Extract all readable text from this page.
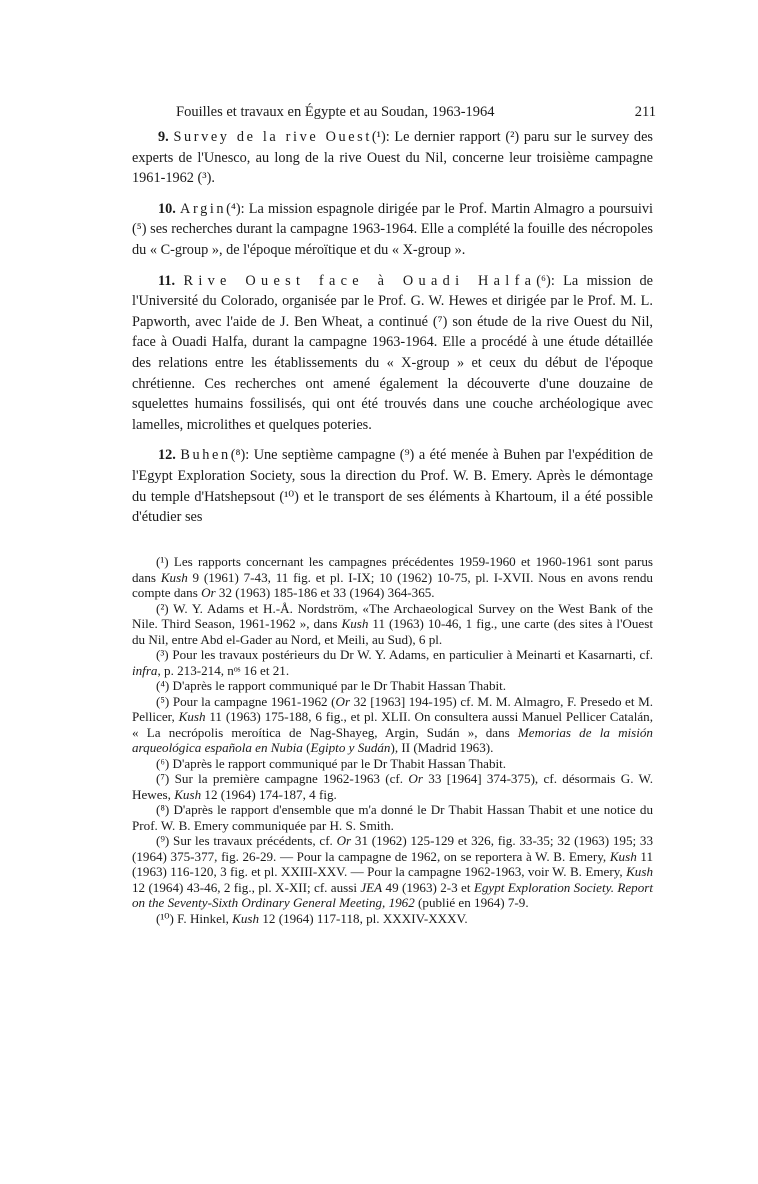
Fouilles et travaux en Égypte et au Soudan, 1963-1964	211

9. Survey de la rive Ouest(¹): Le dernier rapport (²) paru sur le survey des experts de l'Unesco, au long de la rive Ouest du Nil, concerne leur troisième campagne 1961-1962 (³).

10. Argin(⁴): La mission espagnole dirigée par le Prof. Martin Almagro a poursuivi (⁵) ses recherches durant la campagne 1963-1964. Elle a complété la fouille des nécropoles du « C-group », de l'époque méroïtique et du « X-group ».

11. Rive Ouest face à Ouadi Halfa(⁶): La mission de l'Université du Colorado, organisée par le Prof. G. W. Hewes et dirigée par le Prof. M. L. Papworth, avec l'aide de J. Ben Wheat, a continué (⁷) son étude de la rive Ouest du Nil, face à Ouadi Halfa, durant la campagne 1963-1964. Elle a procédé à une étude détaillée des relations entre les établissements du « X-group » et ceux du début de l'époque chrétienne. Ces recherches ont amené également la découverte d'une douzaine de squelettes humains fossilisés, qui ont été trouvés dans une couche archéologique avec lamelles, microlithes et quelques poteries.

12. Buhen(⁸): Une septième campagne (⁹) a été menée à Buhen par l'expédition de l'Egypt Exploration Society, sous la direction du Prof. W. B. Emery. Après le démontage du temple d'Hatshepsout (¹⁰) et le transport de ses éléments à Khartoum, il a été possible d'étudier ses

(¹) Les rapports concernant les campagnes précédentes 1959-1960 et 1960-1961 sont parus dans Kush 9 (1961) 7-43, 11 fig. et pl. I-IX; 10 (1962) 10-75, pl. I-XVII. Nous en avons rendu compte dans Or 32 (1963) 185-186 et 33 (1964) 364-365.

(²) W. Y. Adams et H.-Å. Nordström, «The Archaeological Survey on the West Bank of the Nile. Third Season, 1961-1962 », dans Kush 11 (1963) 10-46, 1 fig., une carte (des sites à l'Ouest du Nil, entre Abd el-Gader au Nord, et Meili, au Sud), 6 pl.

(³) Pour les travaux postérieurs du Dr W. Y. Adams, en particulier à Meinarti et Kasarnarti, cf. infra, p. 213-214, nᵒˢ 16 et 21.

(⁴) D'après le rapport communiqué par le Dr Thabit Hassan Thabit.

(⁵) Pour la campagne 1961-1962 (Or 32 [1963] 194-195) cf. M. M. Almagro, F. Presedo et M. Pellicer, Kush 11 (1963) 175-188, 6 fig., et pl. XLII. On consultera aussi Manuel Pellicer Catalán, « La necrópolis meroítica de Nag-Shayeg, Argin, Sudán », dans Memorias de la misión arqueológica española en Nubia (Egipto y Sudán), II (Madrid 1963).

(⁶) D'après le rapport communiqué par le Dr Thabit Hassan Thabit.

(⁷) Sur la première campagne 1962-1963 (cf. Or 33 [1964] 374-375), cf. désormais G. W. Hewes, Kush 12 (1964) 174-187, 4 fig.

(⁸) D'après le rapport d'ensemble que m'a donné le Dr Thabit Hassan Thabit et une notice du Prof. W. B. Emery communiquée par H. S. Smith.

(⁹) Sur les travaux précédents, cf. Or 31 (1962) 125-129 et 326, fig. 33-35; 32 (1963) 195; 33 (1964) 375-377, fig. 26-29. — Pour la campagne de 1962, on se reportera à W. B. Emery, Kush 11 (1963) 116-120, 3 fig. et pl. XXIII-XXV. — Pour la campagne 1962-1963, voir W. B. Emery, Kush 12 (1964) 43-46, 2 fig., pl. X-XII; cf. aussi JEA 49 (1963) 2-3 et Egypt Exploration Society. Report on the Seventy-Sixth Ordinary General Meeting, 1962 (publié en 1964) 7-9.

(¹⁰) F. Hinkel, Kush 12 (1964) 117-118, pl. XXXIV-XXXV.
